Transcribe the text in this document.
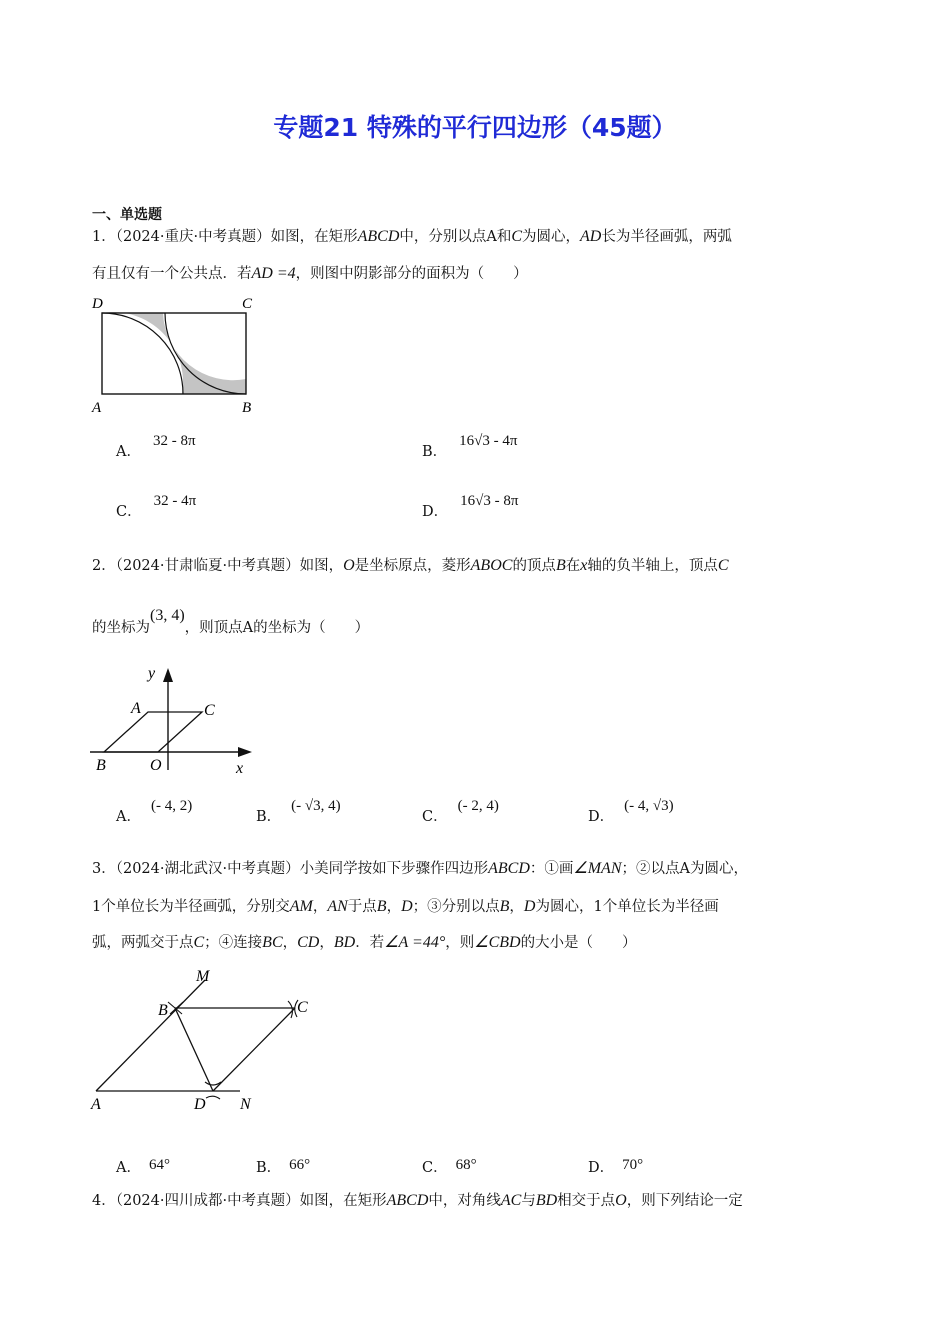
专题21 特殊的平行四边形（45题）
一、单选题
1．（2024·重庆·中考真题）如图，在矩形ABCD中，分别以点A和C为圆心，AD长为半径画弧，两弧
有且仅有一个公共点．若AD =4，则图中阴影部分的面积为（　　）
D	C
A	B
A．32 - 8π
B．16√3 - 4π
C．32 - 4π
D．16√3 - 8π
2．（2024·甘肃临夏·中考真题）如图，O是坐标原点，菱形ABOC的顶点B在x轴的负半轴上，顶点C
的坐标为(3, 4)，则顶点A的坐标为（　　）
y
A	C
B	O	x
A．(- 4, 2)
B．(- √3, 4)
C．(- 2, 4)
D．(- 4, √3)
3．（2024·湖北武汉·中考真题）小美同学按如下步骤作四边形ABCD：①画∠MAN；②以点A为圆心，
1个单位长为半径画弧，分别交AM，AN于点B，D；③分别以点B，D为圆心，1个单位长为半径画
弧，两弧交于点C；④连接BC，CD，BD．若∠A =44°，则∠CBD的大小是（　　）
M
B	C
A	D N
A． 64°	B． 66°	C． 68°	D． 70°
4．（2024·四川成都·中考真题）如图，在矩形ABCD中，对角线AC与BD相交于点O，则下列结论一定
